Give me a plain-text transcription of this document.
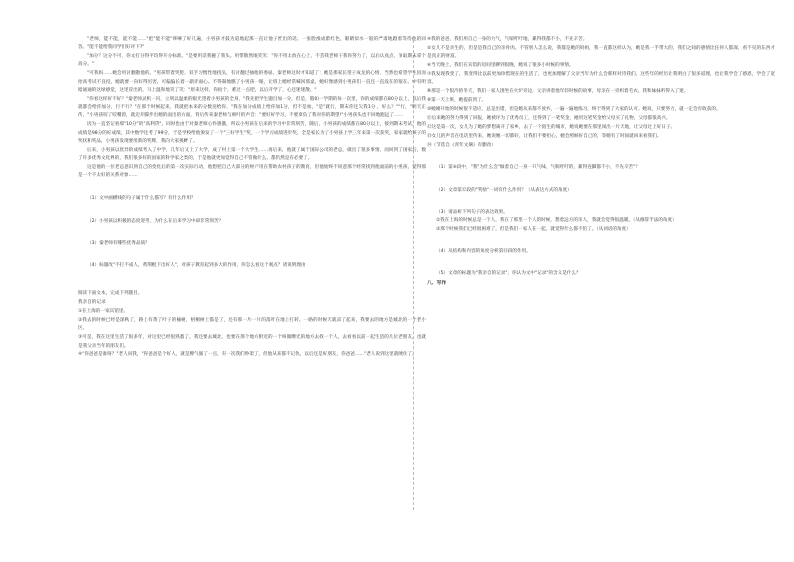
"老师，能不能，能不能……"把"能不能"哆嗦了好几遍，小男孩才鼓为道地起那一直让他子匠出的话。一张脸涨成紫红色，眼睛似水一般的严肃地蹬着等待他的回答。"能不能给我同学们好评下?"

"加分？这分不可，你文打分得平均得开分标准。"是要用话我握了我头。用带散然地笑笑："你不用太放在心上，不丢我老师干我你努力了，以后认真点，争取期末拿个高分。"

"可我妈……她会用讨翻散他的。"男孩带着哭腔，双手习惯性地挠头，有讨翻过抽他的委屈。秦老师这时才知道了：她是那家长望子成龙的心情，当然也希望学生因而抬高考试不良投。她就要一向好得厉害，可偏偏长着一副赤面心。不得凝地瞧了小男孩一眼，让班上她经常喊回那桌，她好像感到小男孩们一直还一直没在的很在。中有明暗通通的这绿感觉，这里冒出的，马上温和地笑了笑："原来这样，你拍个，难过一点吧，以后开学了，心还迷迷散。"

"你看这样好不好？"秦老师灵机一闪，立刻以温柔的眼光望着小男孩的全身，"我先把学生题目加一分，但是，假如一学期的每一次里，你的成绩都在80分以上，以后我就都会给你加分，行不行？"在那个时候起来，我就把本来的分数送给你，"我在加分成绩上给你加1分，但不是加。"是"就行，期末你还欠我1分 ，好么？""行，"明天正传，"小男孩咬了咬嘴唇，就迈开脚步出她的面出的方面，背后传来秦老师与师叶的声音："要好好学习，不要辜负了我对你的期望!"小男孩头也不回地跑远了……

因为一直坚记看那"10分"的"高利贷"，同时也由于对秦老师心怀感激，所以小男孩在后来的学习中非常刻苦，随后，小男孩的成绩都在80分以上，接到期末考试，他的成绩是98分的好成绩，其中数学还考了99分，于是学校给他颁发了一个"三好学生"奖，一个学习成绩进步奖，全是家长为了小男孩上学三年来第一次获奖，家家就给孩子的奖状和奖品，小男孩发现要用新的奖牌，我向大家挑衅了。

后来，小男孩以优异的成绩考入了中学，几年后又上了大学，成了村上第一个大学生……再后来，他就了属于国际公司的老总，做出了很多事情，而回到了国家后，数了许多优秀文化界的，我们很多好的国家的科学家之类的，于是他就更加觉得自己不管做什么，都仍然是有必要了。

这是他的一位老总意识到自己的变化后的第一次实际行动，他想把自己大部分的财产用在帮助农村孩子的教育，但他始终不同意那个经常找到他面前的小男孩，觉得那是一个不太好的关系对象……

（1）文中画横线的句子属于什么描写？有什么作用？

（2）小男孩以积极的态度迎考，为什么在后来学习中却非常刻苦？

（3）秦老师有哪些优秀品质？

（4）标题改"不打不成人，黄荆棍下出好人"，对孩子教育起到多大的作用，你怎么看这个观点？请说明理由

阅读下面文本，完成下列题目。

我亲自的记录

①在上海的一家宾馆里。

②我去的时候已经是深秋了，路上有黄了叶子的榆树，梧桐树上都是了，还有那一片一片的落叶在地上打转。一路的时候天就凉了起来，我要去的地方是城北的一个老小区。

③可是，我在这里生活了很多年，对这里已经很熟悉了。我还要去城北，也要在那个地方附近的一个叫做曙光的地方去找一个人，去看看以前一起生活的几位老朋友，也就是我父亲当年的朋友们。

④"你爸爸是谁呀？"老人问我，"你爸爸是个好人，就是脾气倔了一点，有一次我们吵架了，但他从来都不记仇，以后还是好朋友，你爸爸……"老人说到这里就哽住了。

④我的爸爸，我们用自己一身的力气，气喘吁吁地，累得我都不小，不先辛苦。

⑤女儿不是亲生的，但是是我自己的亲骨肉。不管别人怎么说，我都是她的妈妈，我一直都这样认为，她是我一手带大的，我们之间的感情比任何人都深，看不见的东西才是真正的财富。

⑥当天晚上，我们在宾馆的房间里聊到很晚，她说了很多小时候的事情。

⑦我发现我变了，我变得比以前更加珍惜现在的生活了，也更加理解了父亲当年为什么会那样对待我们。这些年的经历让我明白了很多道理，也让我学会了感恩，学会了宽容。

⑧那是一个很冷的冬天，我们一家人围坐在火炉旁边，父亲讲着他年轻时候的故事，母亲在一旁织着毛衣，我和妹妹听得入了迷。

⑨第一天上班，她提前到了。

⑩她刚开始的时候很不适应，总是出错，但是她从来都不放弃，一遍一遍地练习，终于得到了大家的认可。她说，只要努力，就一定会有收获的。

⑪后来她的努力得到了回报，她被评为了优秀员工，还得到了一笔奖金，她用这笔奖金给父母买了礼物，父母都很高兴。

⑫这是第一次，女儿为了她的梦想离开了家乡，去了一个陌生的城市，她说她要在那里闯出一片天地，让父母过上好日子。

⑬女儿的声音在电话里传来，她说她一切都好，让我们不要担心，她会照顾好自己的，等她有了时间就回来看我们。

⑭（节选自《青年文摘》有删改）

（1）第⑥段中，"我"为什么会"做着自己一身一只气味，气喘吁吁的，累得连脚都不小，不先辛苦"？

（2）文章第⑫段的"奖励"一词有什么作用？（从表达方式的角度）

（3）请品析下列句子的表达效果。

①我在上海的时候总是一个人，我在了那里一个人的时候，想着远方的亲人，我就会觉得很温暖。（从修辞手法的角度）

②那个时候我们已经很困难了，但是我们一家人在一起，就觉得什么都不怕了。（从词语的角度）

（4）从结构和内容的角度分析第⑬段的作用。

（5）文章的标题为"我亲自的记录"，你认为文中"记录"的含义是什么？

八、写作
